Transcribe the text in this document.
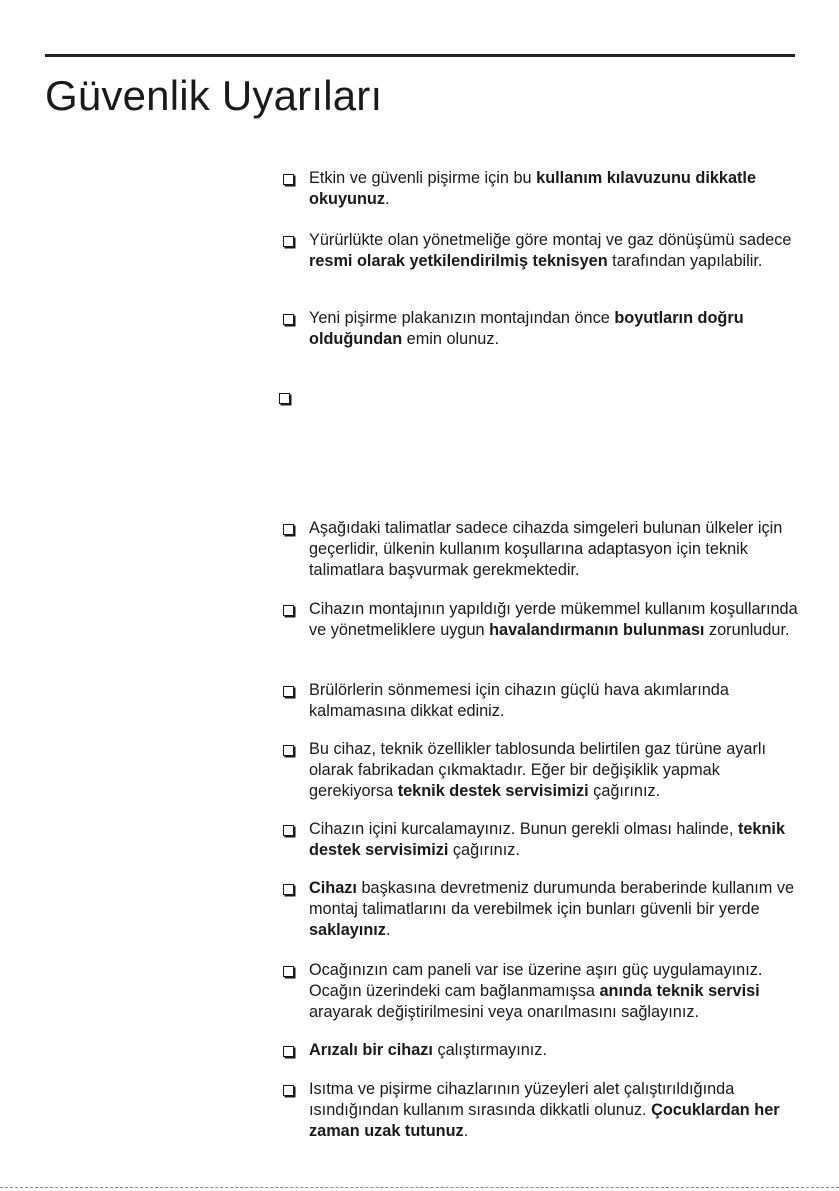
Güvenlik Uyarıları
Etkin ve güvenli pişirme için bu kullanım kılavuzunu dikkatle okuyunuz.
Yürürlükte olan yönetmeliğe göre montaj ve gaz dönüşümü sadece resmi olarak yetkilendirilmiş teknisyen tarafından yapılabilir.
Yeni pişirme plakanızın montajından önce boyutların doğru olduğundan emin olunuz.
Aşağıdaki talimatlar sadece cihazda simgeleri bulunan ülkeler için geçerlidir, ülkenin kullanım koşullarına adaptasyon için teknik talimatlara başvurmak gerekmektedir.
Cihazın montajının yapıldığı yerde mükemmel kullanım koşullarında ve yönetmeliklere uygun havalandırmanın bulunması zorunludur.
Brülörlerin sönmemesi için cihazın güçlü hava akımlarında kalmamasına dikkat ediniz.
Bu cihaz, teknik özellikler tablosunda belirtilen gaz türüne ayarlı olarak fabrikadan çıkmaktadır. Eğer bir değişiklik yapmak gerekiyorsa teknik destek servisimizi çağırınız.
Cihazın içini kurcalamayınız. Bunun gerekli olması halinde, teknik destek servisimizi çağırınız.
Cihazı başkasına devretmeniz durumunda beraberinde kullanım ve montaj talimatlarını da verebilmek için bunları güvenli bir yerde saklayınız.
Ocağınızın cam paneli var ise üzerine aşırı güç uygulamayınız. Ocağın üzerindeki cam bağlanmamışsa anında teknik servisi arayarak değiştirilmesini veya onarılmasını sağlayınız.
Arızalı bir cihazı çalıştırmayınız.
Isıtma ve pişirme cihazlarının yüzeyleri alet çalıştırıldığında ısındığından kullanım sırasında dikkatli olunuz. Çocuklardan her zaman uzak tutunuz.
